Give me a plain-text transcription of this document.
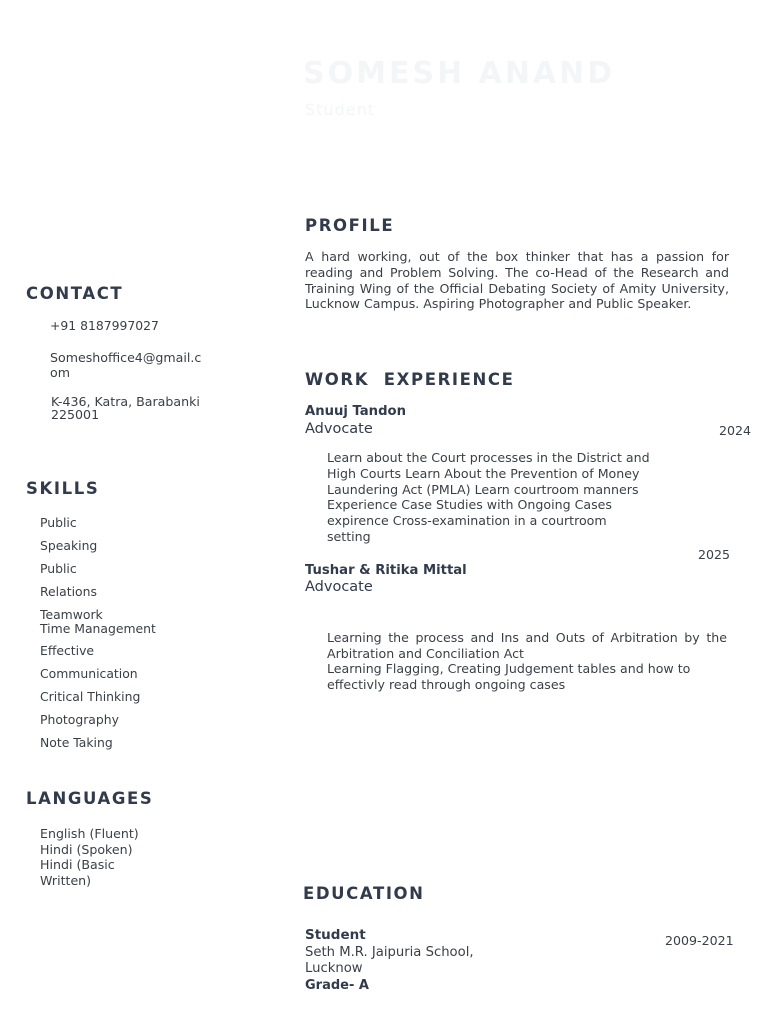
SOMESH ANAND
Student
CONTACT
+91 8187997027
Someshoffice4@gmail.c
om
K-436, Katra, Barabanki
225001
SKILLS
Public
Speaking
Public
Relations
Teamwork
Time Management
Effective
Communication
Critical Thinking
Photography
Note Taking
LANGUAGES
English (Fluent)
Hindi (Spoken)
Hindi (Basic
Written)
PROFILE
A hard working, out of the box thinker that has a passion for reading and Problem Solving. The co-Head of the Research and Training Wing of the Official Debating Society of Amity University, Lucknow Campus. Aspiring Photographer and Public Speaker.
WORK  EXPERIENCE
Anuuj Tandon
Advocate	2024
Learn about the Court processes in the District and
High Courts Learn About the Prevention of Money
Laundering Act (PMLA) Learn courtroom manners
Experience Case Studies with Ongoing Cases
expirence Cross-examination in a courtroom
setting
2025
Tushar & Ritika Mittal
Advocate
Learning the process and Ins and Outs of Arbitration by the Arbitration and Conciliation Act
Learning Flagging, Creating Judgement tables and how to
effectivly read through ongoing cases
EDUCATION
Student	2009-2021
Seth M.R. Jaipuria School,
Lucknow
Grade- A
